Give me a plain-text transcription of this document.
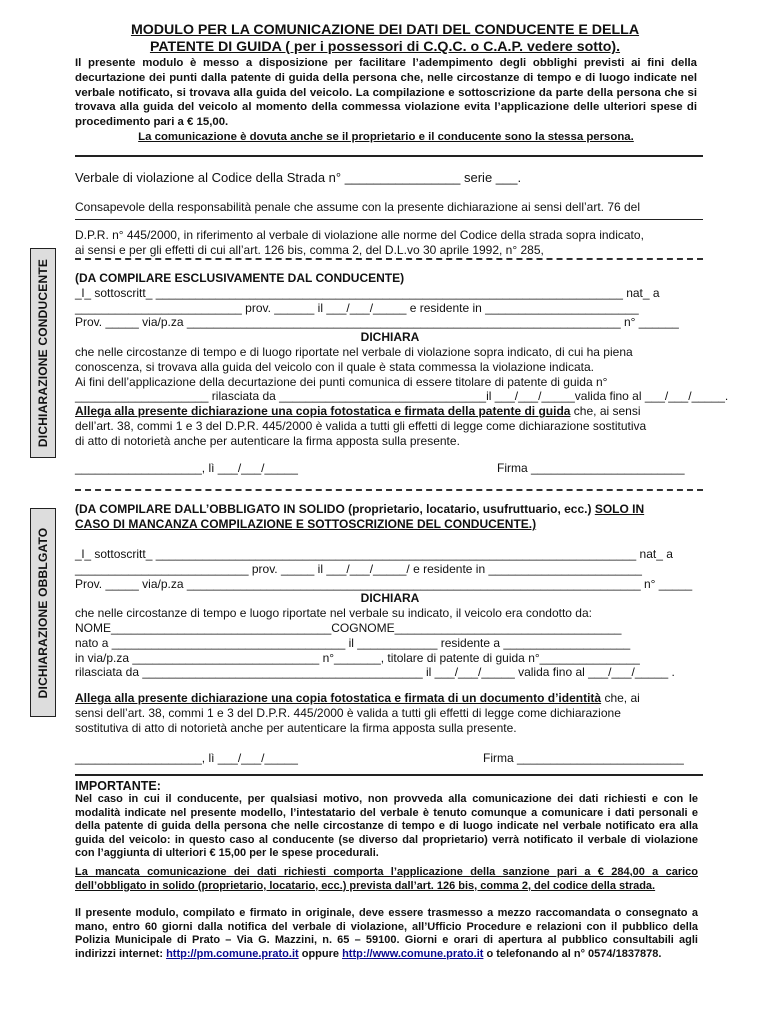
MODULO PER LA COMUNICAZIONE DEI DATI DEL CONDUCENTE E DELLA
PATENTE DI GUIDA ( per i possessori di C.Q.C. o C.A.P. vedere sotto).
Il presente modulo è messo a disposizione per facilitare l’adempimento degli obblighi previsti ai fini della decurtazione dei punti dalla patente di guida della persona che, nelle circostanze di tempo e di luogo indicate nel verbale notificato, si trovava alla guida del veicolo. La compilazione e sottoscrizione da parte della persona che si trovava alla guida del veicolo al momento della commessa violazione evita l’applicazione delle ulteriori spese di procedimento pari a € 15,00.
La comunicazione è dovuta anche se il proprietario e il conducente sono la stessa persona.
Verbale di violazione al Codice della Strada n° ________________ serie ___.
Consapevole della responsabilità penale che assume con la presente dichiarazione ai sensi dell’art. 76 del
D.P.R. n° 445/2000, in riferimento al verbale di violazione alle norme del Codice della strada sopra indicato,
ai sensi e per gli effetti di cui all’art. 126 bis, comma 2, del D.L.vo 30 aprile 1992, n° 285,
DICHIARAZIONE CONDUCENTE (DA COMPILARE ESCLUSIVAMENTE DAL CONDUCENTE)
_l_ sottoscritt_ ______________________________________________________________________ nat_ a
_________________________ prov. ______ il ___/___/_____ e residente in _______________________
Prov. _____ via/p.za _________________________________________________________________ n° ______
DICHIARA
che nelle circostanze di tempo e di luogo riportate nel verbale di violazione sopra indicato, di cui ha piena
conoscenza, si trovava alla guida del veicolo con il quale è stata commessa la violazione indicata.
Ai fini dell’applicazione della decurtazione dei punti comunica di essere titolare di patente di guida n°
____________________ rilasciata da _______________________________il ___/___/_____valida fino al ___/___/_____.
Allega alla presente dichiarazione una copia fotostatica e firmata della patente di guida che, ai sensi
dell’art. 38, commi 1 e 3 del D.P.R. 445/2000 è valida a tutti gli effetti di legge come dichiarazione sostitutiva
di atto di notorietà anche per autenticare la firma apposta sulla presente.
___________________, lì ___/___/_____	Firma _______________________
DICHIARAZIONE OBBLGATO
(DA COMPILARE DALL’OBBLIGATO IN SOLIDO (proprietario, locatario, usufruttuario, ecc.) SOLO IN
CASO DI MANCANZA COMPILAZIONE E SOTTOSCRIZIONE DEL CONDUCENTE.)
_l_ sottoscritt_ ________________________________________________________________________ nat_ a
__________________________ prov. _____ il ___/___/_____/ e residente in _______________________
Prov. _____ via/p.za ____________________________________________________________________ n° _____
DICHIARA
che nelle circostanze di tempo e luogo riportate nel verbale su indicato, il veicolo era condotto da:
NOME_________________________________COGNOME__________________________________
nato a ___________________________________ il ____________ residente a ___________________
in via/p.za ____________________________ n°_______, titolare di patente di guida n°_______________
rilasciata da __________________________________________ il ___/___/_____ valida fino al ___/___/_____ .
Allega alla presente dichiarazione una copia fotostatica e firmata di un documento d’identità che, ai
sensi dell’art. 38, commi 1 e 3 del D.P.R. 445/2000 è valida a tutti gli effetti di legge come dichiarazione
sostitutiva di atto di notorietà anche per autenticare la firma apposta sulla presente.
___________________, lì ___/___/_____	Firma _________________________
IMPORTANTE:
Nel caso in cui il conducente, per qualsiasi motivo, non provveda alla comunicazione dei dati richiesti e con le modalità indicate nel presente modello, l’intestatario del verbale è tenuto comunque a comunicare i dati personali e della patente di guida della persona che nelle circostanze di tempo e di luogo indicate nel verbale notificato era alla guida del veicolo: in questo caso al conducente (se diverso dal proprietario) verrà notificato il verbale di violazione con l’aggiunta di ulteriori € 15,00 per le spese procedurali.
La mancata comunicazione dei dati richiesti comporta l’applicazione della sanzione pari a € 284,00 a carico dell’obbligato in solido (proprietario, locatario, ecc.) prevista dall’art. 126 bis, comma 2, del codice della strada.
Il presente modulo, compilato e firmato in originale, deve essere trasmesso a mezzo raccomandata o consegnato a mano, entro 60 giorni dalla notifica del verbale di violazione, all’Ufficio Procedure e relazioni con il pubblico della Polizia Municipale di Prato – Via G. Mazzini, n. 65 – 59100. Giorni e orari di apertura al pubblico consultabili agli indirizzi internet: http://pm.comune.prato.it oppure http://www.comune.prato.it o telefonando al n° 0574/1837878.
